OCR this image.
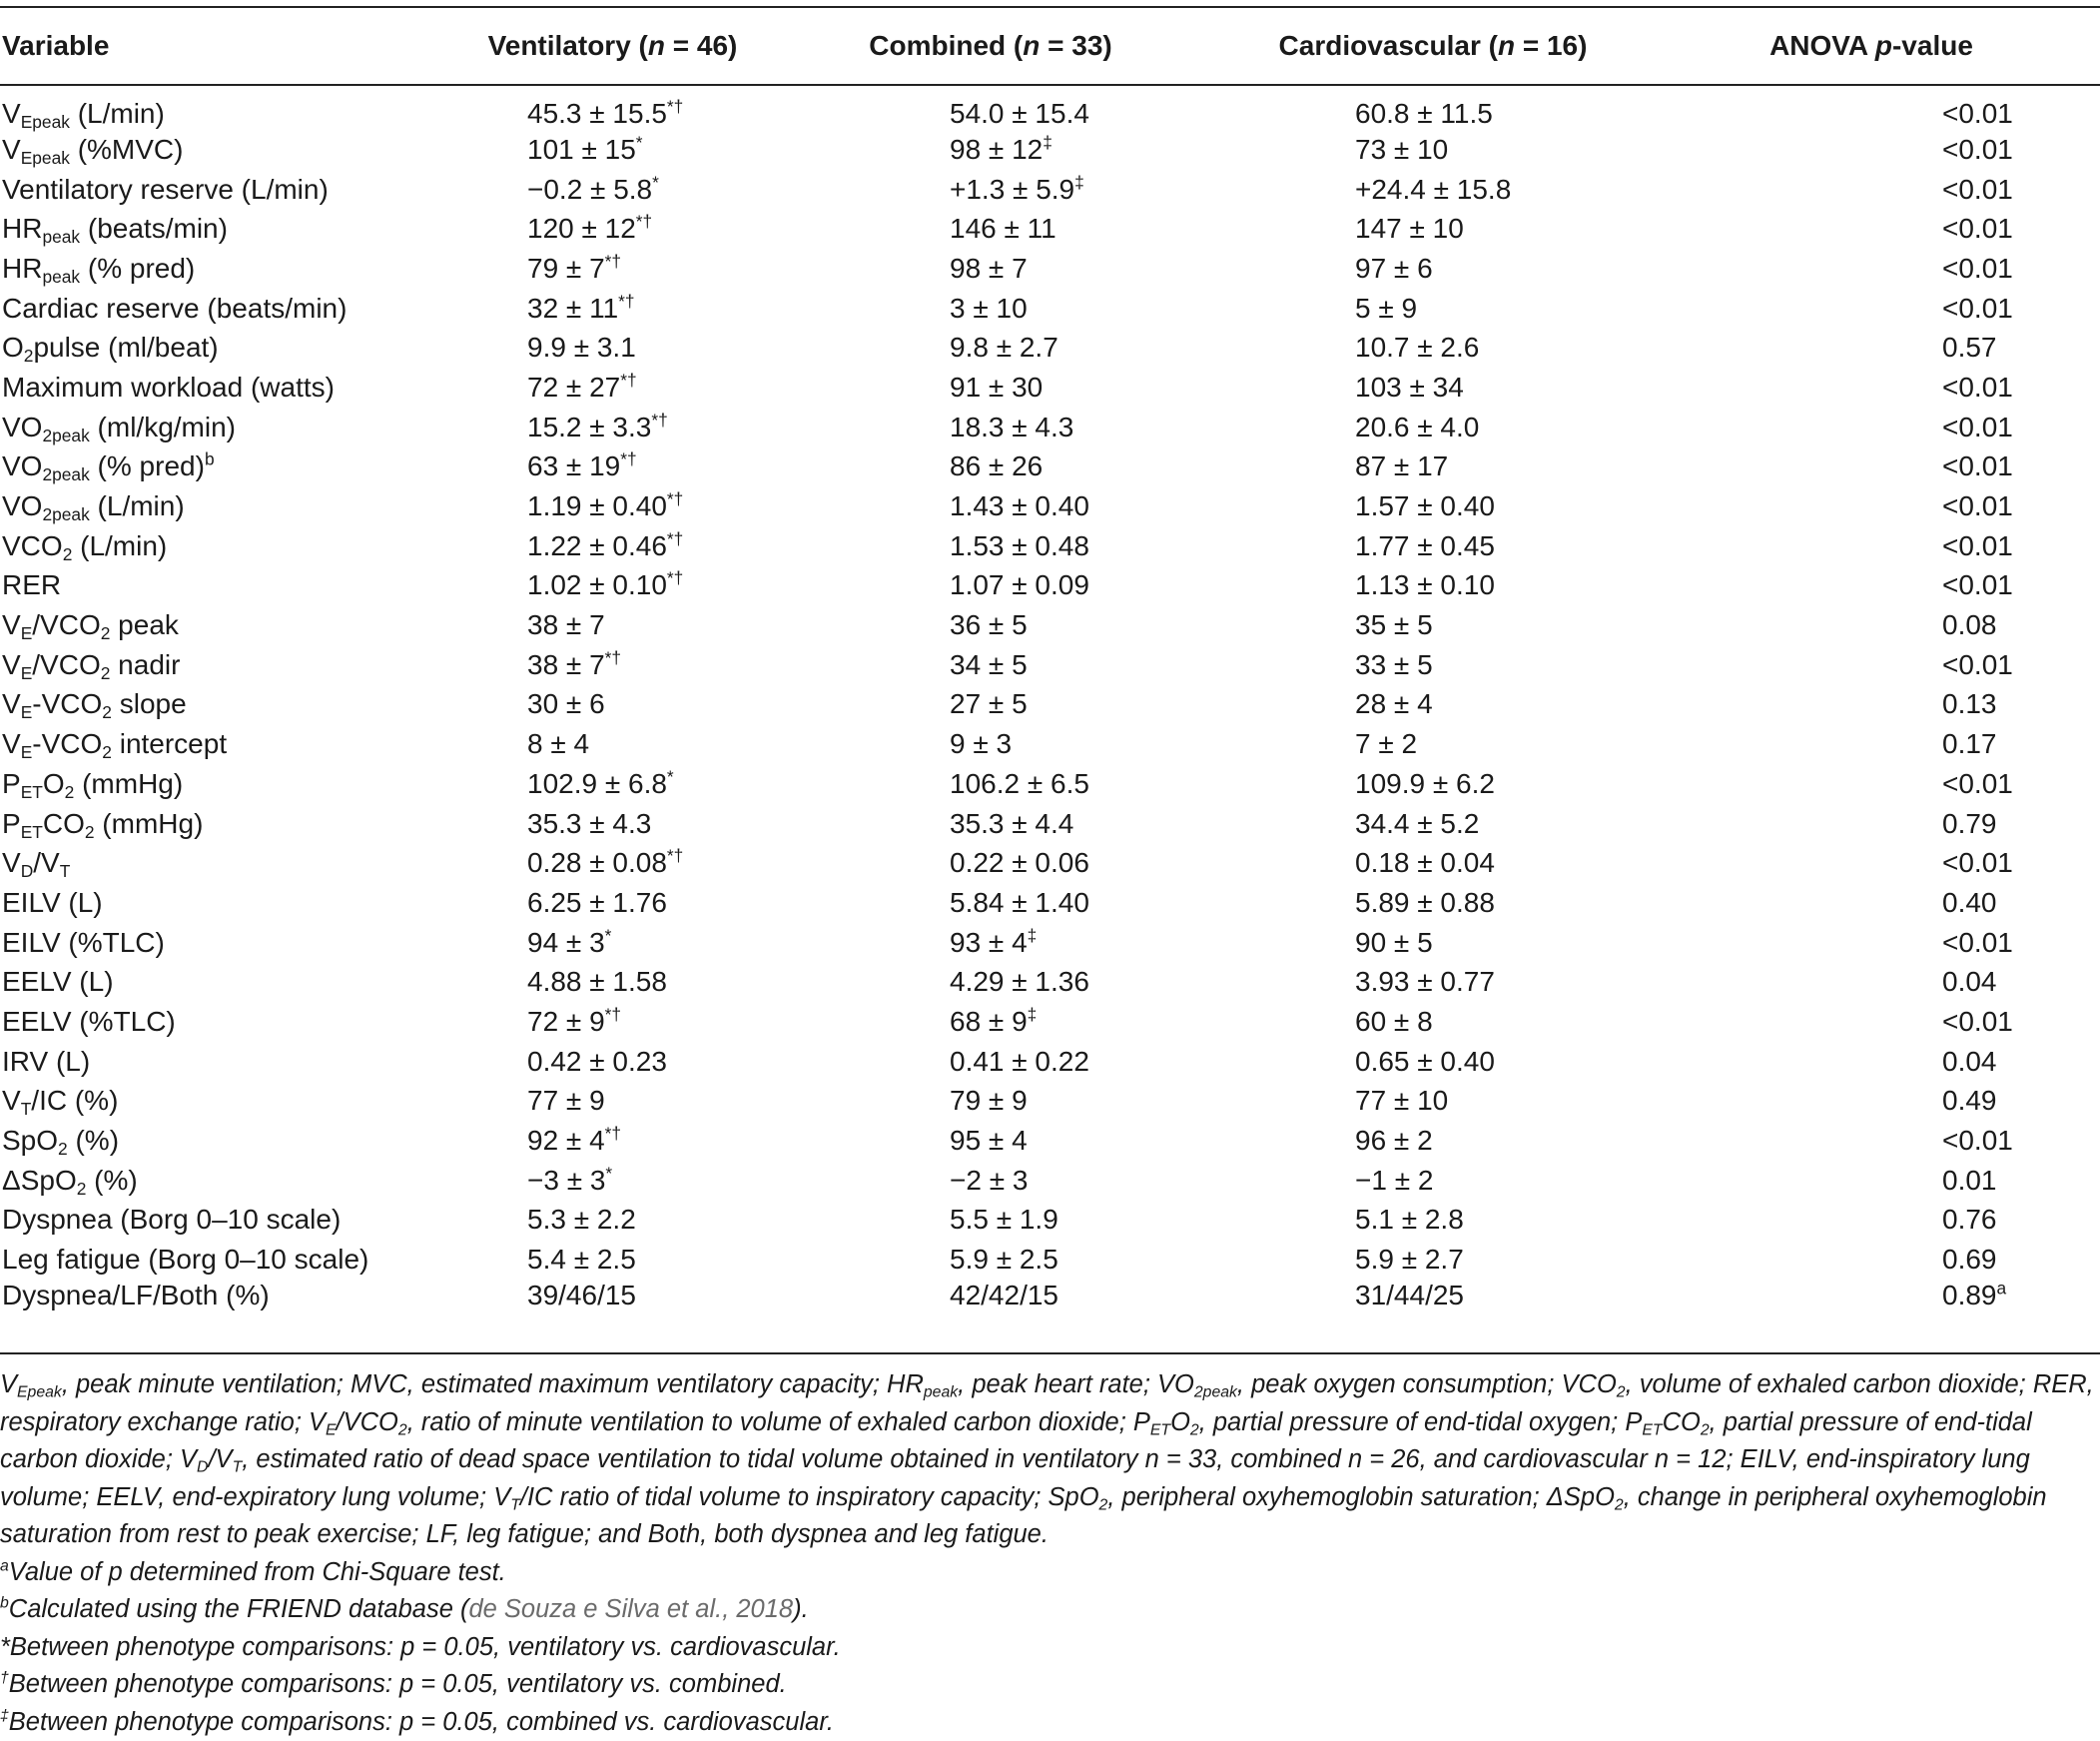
Variable	Ventilatory (n = 46)	Combined (n = 33)	Cardiovascular (n = 16)	ANOVA p-value
$V_{Epeak}$ (L/min)	45.3 ± 15.5*†	54.0 ± 15.4	60.8 ± 11.5	<0.01
$V_{Epeak}$ (%MVC)	101 ± 15*	98 ± 12‡	73 ± 10	<0.01
Ventilatory reserve (L/min)	−0.2 ± 5.8*	+1.3 ± 5.9‡	+24.4 ± 15.8	<0.01
$HR_{peak}$ (beats/min)	120 ± 12*†	146 ± 11	147 ± 10	<0.01
$HR_{peak}$ (% pred)	79 ± 7*†	98 ± 7	97 ± 6	<0.01
Cardiac reserve (beats/min)	32 ± 11*†	3 ± 10	5 ± 9	<0.01
$O_2pulse$ (ml/beat)	9.9 ± 3.1	9.8 ± 2.7	10.7 ± 2.6	0.57
Maximum workload (watts)	72 ± 27*†	91 ± 30	103 ± 34	<0.01
$VO_{2peak}$ (ml/kg/min)	15.2 ± 3.3*†	18.3 ± 4.3	20.6 ± 4.0	<0.01
$VO_{2peak}$ (% pred)$^b$	63 ± 19*†	86 ± 26	87 ± 17	<0.01
$VO_{2peak}$ (L/min)	1.19 ± 0.40*†	1.43 ± 0.40	1.57 ± 0.40	<0.01
$VCO_2$ (L/min)	1.22 ± 0.46*†	1.53 ± 0.48	1.77 ± 0.45	<0.01
RER	1.02 ± 0.10*†	1.07 ± 0.09	1.13 ± 0.10	<0.01
$V_E/VCO_2$ peak	38 ± 7	36 ± 5	35 ± 5	0.08
$V_E/VCO_2$ nadir	38 ± 7*†	34 ± 5	33 ± 5	<0.01
$V_E-VCO_2$ slope	30 ± 6	27 ± 5	28 ± 4	0.13
$V_E-VCO_2$ intercept	8 ± 4	9 ± 3	7 ± 2	0.17
$P_{ET}O_2$ (mmHg)	102.9 ± 6.8*	106.2 ± 6.5	109.9 ± 6.2	<0.01
$P_{ET}CO_2$ (mmHg)	35.3 ± 4.3	35.3 ± 4.4	34.4 ± 5.2	0.79
$V_D/V_T$	0.28 ± 0.08*†	0.22 ± 0.06	0.18 ± 0.04	<0.01
EILV (L)	6.25 ± 1.76	5.84 ± 1.40	5.89 ± 0.88	0.40
EILV (%TLC)	94 ± 3*	93 ± 4‡	90 ± 5	<0.01
EELV (L)	4.88 ± 1.58	4.29 ± 1.36	3.93 ± 0.77	0.04
EELV (%TLC)	72 ± 9*†	68 ± 9‡	60 ± 8	<0.01
IRV (L)	0.42 ± 0.23	0.41 ± 0.22	0.65 ± 0.40	0.04
$V_T/IC$ (%)	77 ± 9	79 ± 9	77 ± 10	0.49
SpO$_2$ (%)	92 ± 4*†	95 ± 4	96 ± 2	<0.01
ΔSpO$_2$ (%)	−3 ± 3*	−2 ± 3	−1 ± 2	0.01
Dyspnea (Borg 0–10 scale)	5.3 ± 2.2	5.5 ± 1.9	5.1 ± 2.8	0.76
Leg fatigue (Borg 0–10 scale)	5.4 ± 2.5	5.9 ± 2.5	5.9 ± 2.7	0.69
Dyspnea/LF/Both (%)	39/46/15	42/42/15	31/44/25	0.89$^a$

$V_{Epeak}$, peak minute ventilation; MVC, estimated maximum ventilatory capacity; $HR_{peak}$, peak heart rate; $VO_{2peak}$, peak oxygen consumption; $VCO_2$, volume of exhaled carbon dioxide; RER, respiratory exchange ratio; $V_E/VCO_2$, ratio of minute ventilation to volume of exhaled carbon dioxide; $P_{ET}O_2$, partial pressure of end-tidal oxygen; $P_{ET}CO_2$, partial pressure of end-tidal carbon dioxide; $V_D/V_T$, estimated ratio of dead space ventilation to tidal volume obtained in ventilatory n = 33, combined n = 26, and cardiovascular n = 12; EILV, end-inspiratory lung volume; EELV, end-expiratory lung volume; $V_T/IC$ ratio of tidal volume to inspiratory capacity; SpO$_2$, peripheral oxyhemoglobin saturation; ΔSpO$_2$, change in peripheral oxyhemoglobin saturation from rest to peak exercise; LF, leg fatigue; and Both, both dyspnea and leg fatigue.

$^a$Value of p determined from Chi-Square test.

$^b$Calculated using the FRIEND database (de Souza e Silva et al., 2018).

*Between phenotype comparisons: p = 0.05, ventilatory vs. cardiovascular.

†Between phenotype comparisons: p = 0.05, ventilatory vs. combined.

‡Between phenotype comparisons: p = 0.05, combined vs. cardiovascular.
